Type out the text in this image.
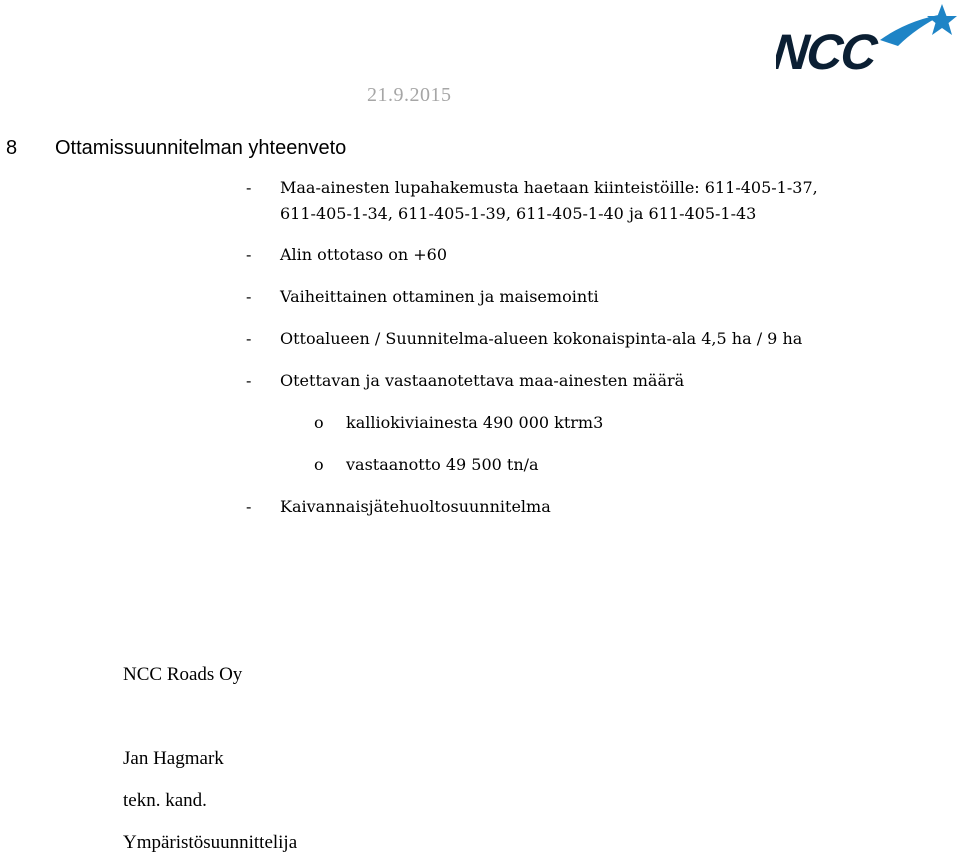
NCC
21.9.2015
8 Ottamissuunnitelman yhteenveto
- Maa-ainesten lupahakemusta haetaan kiinteistöille: 611-405-1-37,
611-405-1-34, 611-405-1-39, 611-405-1-40 ja 611-405-1-43
- Alin ottotaso on +60
- Vaiheittainen ottaminen ja maisemointi
- Ottoalueen / Suunnitelma-alueen kokonaispinta-ala 4,5 ha / 9 ha
- Otettavan ja vastaanotettava maa-ainesten määrä
o kalliokiviainesta 490 000 ktrm3
o vastaanotto 49 500 tn/a
- Kaivannaisjätehuoltosuunnitelma
NCC Roads Oy
Jan Hagmark
tekn. kand.
Ympäristösuunnittelija
